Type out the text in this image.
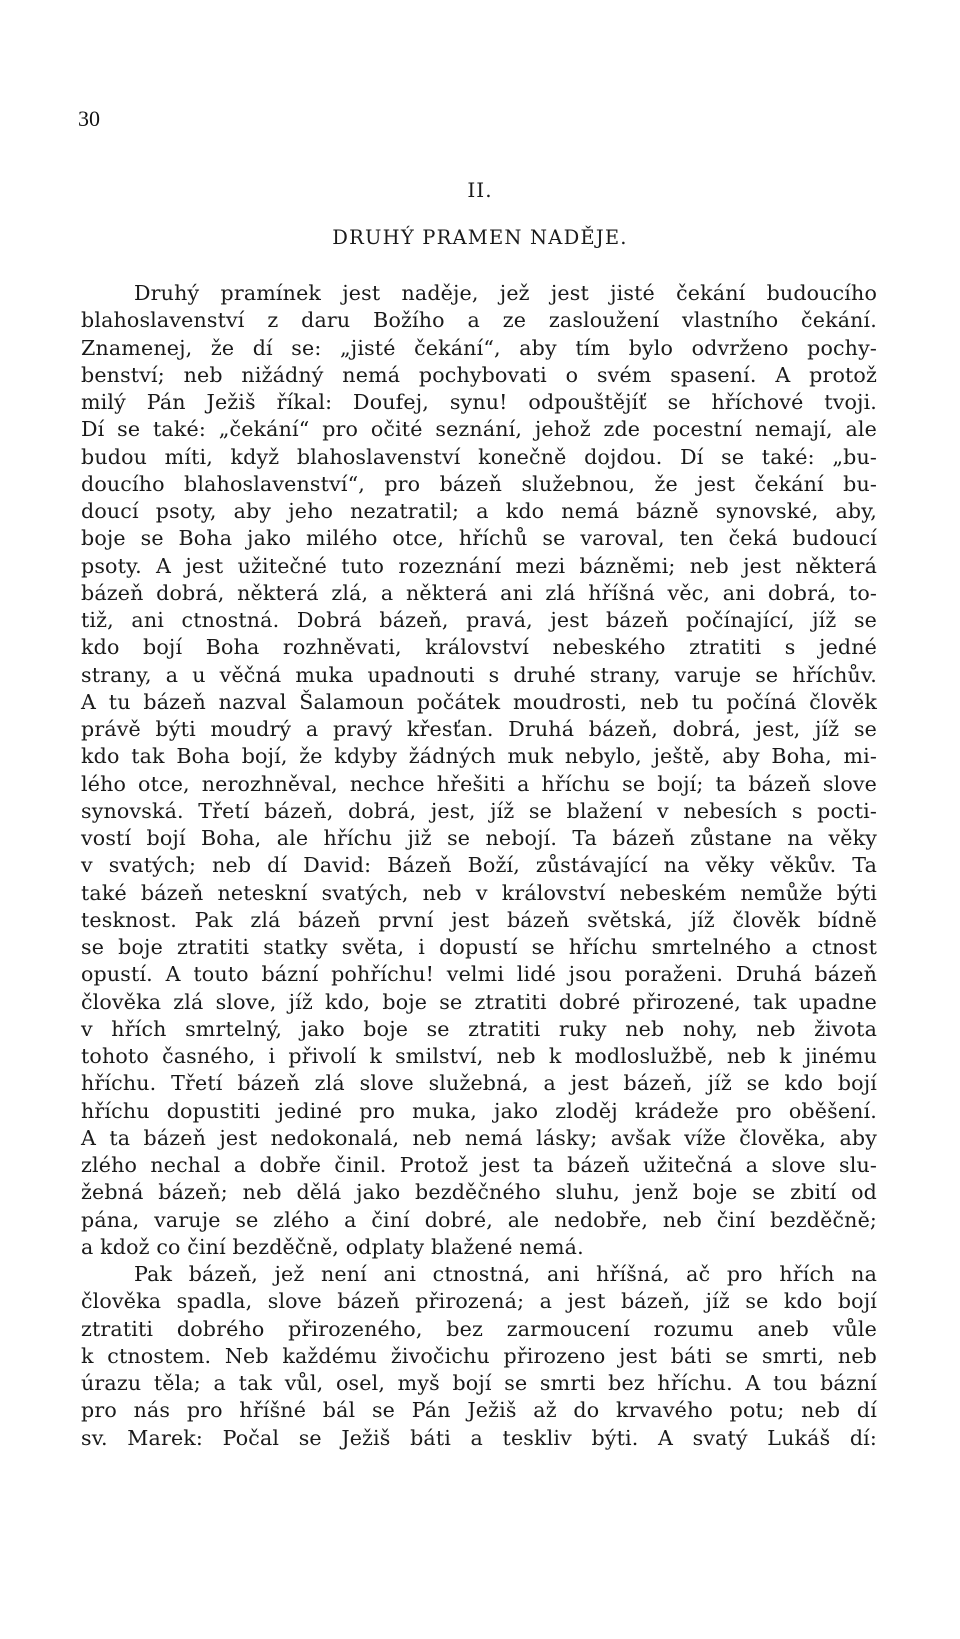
30
II.
DRUHÝ PRAMEN NADĚJE.
Druhý pramínek jest naděje, jež jest jisté čekání budoucího
blahoslavenství z daru Božího a ze zasloužení vlastního čekání.
Znamenej, že dí se: „jisté čekání“, aby tím bylo odvrženo pochy-
benství; neb nižádný nemá pochybovati o svém spasení. A protož
milý Pán Ježiš říkal: Doufej, synu! odpouštějíť se hříchové tvoji.
Dí se také: „čekání“ pro očité seznání, jehož zde pocestní nemají, ale
budou míti, když blahoslavenství konečně dojdou. Dí se také: „bu-
doucího blahoslavenství“, pro bázeň služebnou, že jest čekání bu-
doucí psoty, aby jeho nezatratil; a kdo nemá bázně synovské, aby,
boje se Boha jako milého otce, hříchů se varoval, ten čeká budoucí
psoty. A jest užitečné tuto rozeznání mezi bázněmi; neb jest některá
bázeň dobrá, některá zlá, a některá ani zlá hříšná věc, ani dobrá, to-
tiž, ani ctnostná. Dobrá bázeň, pravá, jest bázeň počínající, jíž se
kdo bojí Boha rozhněvati, království nebeského ztratiti s jedné
strany, a u věčná muka upadnouti s druhé strany, varuje se hříchův.
A tu bázeň nazval Šalamoun počátek moudrosti, neb tu počíná člověk
právě býti moudrý a pravý křesťan. Druhá bázeň, dobrá, jest, jíž se
kdo tak Boha bojí, že kdyby žádných muk nebylo, ještě, aby Boha, mi-
lého otce, nerozhněval, nechce hřešiti a hříchu se bojí; ta bázeň slove
synovská. Třetí bázeň, dobrá, jest, jíž se blažení v nebesích s pocti-
vostí bojí Boha, ale hříchu již se nebojí. Ta bázeň zůstane na věky
v svatých; neb dí David: Bázeň Boží, zůstávající na věky věkův. Ta
také bázeň neteskní svatých, neb v království nebeském nemůže býti
tesknost. Pak zlá bázeň první jest bázeň světská, jíž člověk bídně
se boje ztratiti statky světa, i dopustí se hříchu smrtelného a ctnost
opustí. A touto bázní pohříchu! velmi lidé jsou poraženi. Druhá bázeň
člověka zlá slove, jíž kdo, boje se ztratiti dobré přirozené, tak upadne
v hřích smrtelný, jako boje se ztratiti ruky neb nohy, neb života
tohoto časného, i přivolí k smilství, neb k modloslužbě, neb k jinému
hříchu. Třetí bázeň zlá slove služebná, a jest bázeň, jíž se kdo bojí
hříchu dopustiti jediné pro muka, jako zloděj krádeže pro oběšení.
A ta bázeň jest nedokonalá, neb nemá lásky; avšak víže člověka, aby
zlého nechal a dobře činil. Protož jest ta bázeň užitečná a slove slu-
žebná bázeň; neb dělá jako bezděčného sluhu, jenž boje se zbití od
pána, varuje se zlého a činí dobré, ale nedobře, neb činí bezděčně;
a kdož co činí bezděčně, odplaty blažené nemá.
Pak bázeň, jež není ani ctnostná, ani hříšná, ač pro hřích na
člověka spadla, slove bázeň přirozená; a jest bázeň, jíž se kdo bojí
ztratiti dobrého přirozeného, bez zarmoucení rozumu aneb vůle
k ctnostem. Neb každému živočichu přirozeno jest báti se smrti, neb
úrazu těla; a tak vůl, osel, myš bojí se smrti bez hříchu. A tou bázní
pro nás pro hříšné bál se Pán Ježiš až do krvavého potu; neb dí
sv. Marek: Počal se Ježiš báti a teskliv býti. A svatý Lukáš dí:
